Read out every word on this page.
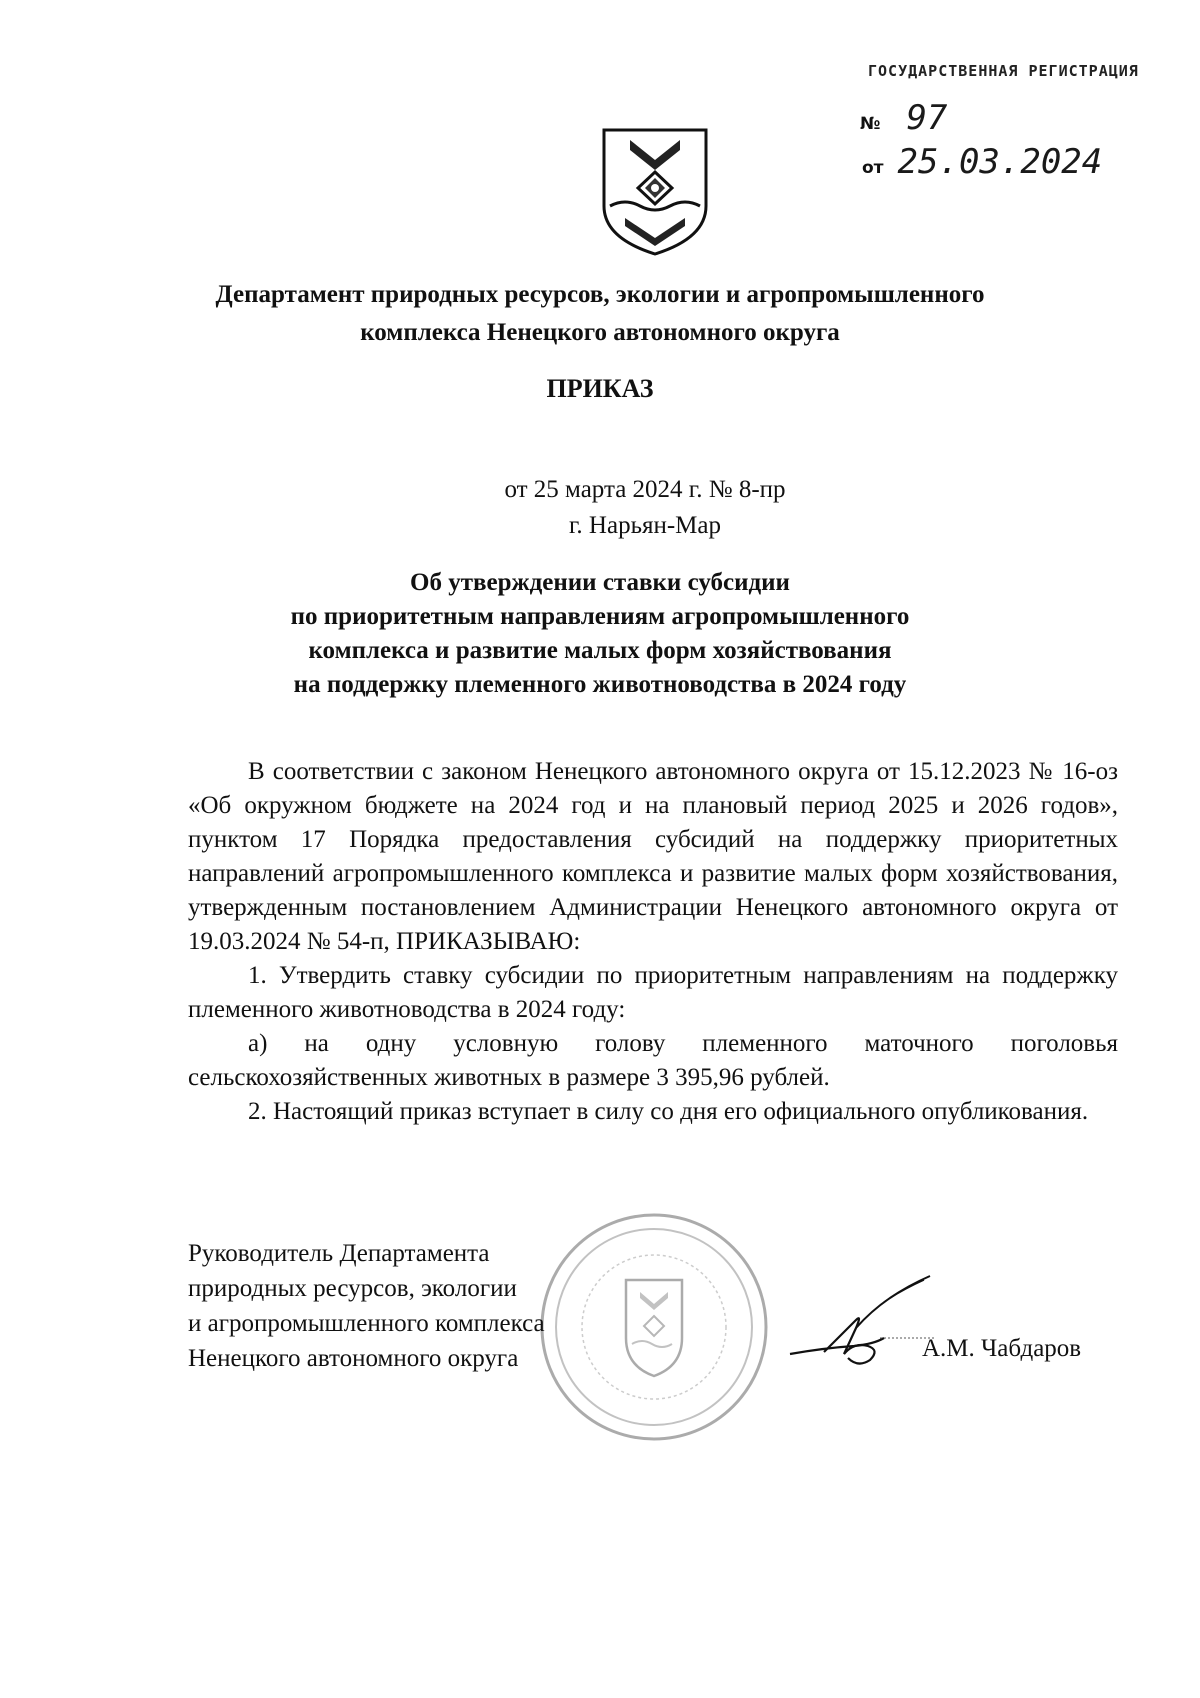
ГОСУДАРСТВЕННАЯ РЕГИСТРАЦИЯ
№ 97
от 25.03.2024
Департамент природных ресурсов, экологии и агропромышленного
комплекса Ненецкого автономного округа
ПРИКАЗ
от 25 марта 2024 г. № 8-пр
г. Нарьян-Мар
Об утверждении ставки субсидии
по приоритетным направлениям агропромышленного
комплекса и развитие малых форм хозяйствования
на поддержку племенного животноводства в 2024 году

В соответствии с законом Ненецкого автономного округа от 15.12.2023 № 16-оз «Об окружном бюджете на 2024 год и на плановый период 2025 и 2026 годов», пунктом 17 Порядка предоставления субсидий на поддержку приоритетных направлений агропромышленного комплекса и развитие малых форм хозяйствования, утвержденным постановлением Администрации Ненецкого автономного округа от 19.03.2024 № 54-п, ПРИКАЗЫВАЮ:

1. Утвердить ставку субсидии по приоритетным направлениям на поддержку племенного животноводства в 2024 году:

а) на одну условную голову племенного маточного поголовья сельскохозяйственных животных в размере 3 395,96 рублей.

2. Настоящий приказ вступает в силу со дня его официального опубликования.

Руководитель Департамента
природных ресурсов, экологии
и агропромышленного комплекса
Ненецкого автономного округа	А.М. Чабдаров
